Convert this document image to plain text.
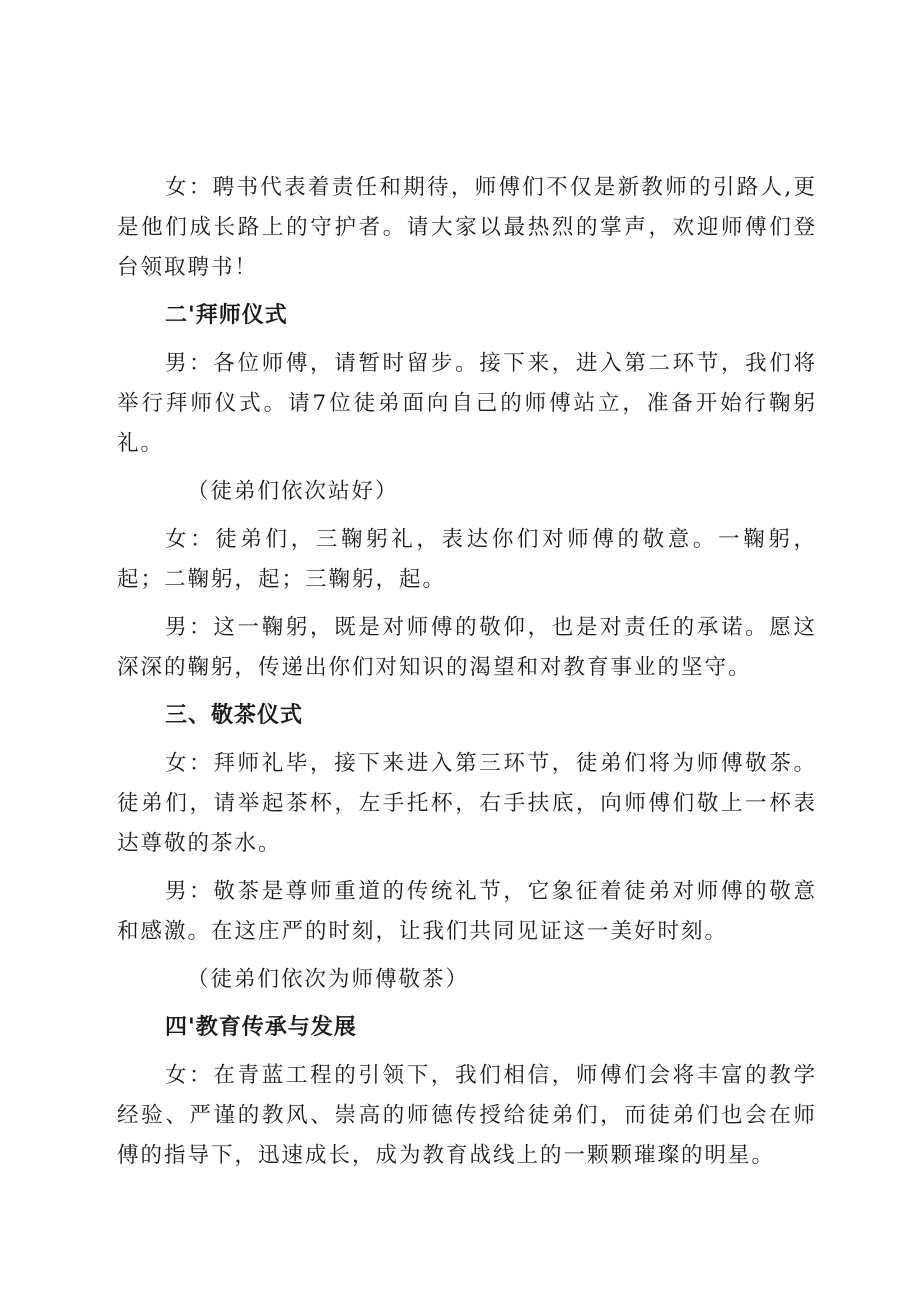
女：聘书代表着责任和期待，师傅们不仅是新教师的引路人,更是他们成长路上的守护者。请大家以最热烈的掌声，欢迎师傅们登台领取聘书！

二'拜师仪式

男：各位师傅，请暂时留步。接下来，进入第二环节，我们将举行拜师仪式。请7位徒弟面向自己的师傅站立，准备开始行鞠躬礼。

（徒弟们依次站好）

女：徒弟们，三鞠躬礼，表达你们对师傅的敬意。一鞠躬，起；二鞠躬，起；三鞠躬，起。

男：这一鞠躬，既是对师傅的敬仰，也是对责任的承诺。愿这深深的鞠躬，传递出你们对知识的渴望和对教育事业的坚守。

三、敬茶仪式

女：拜师礼毕，接下来进入第三环节，徒弟们将为师傅敬茶。徒弟们，请举起茶杯，左手托杯，右手扶底，向师傅们敬上一杯表达尊敬的茶水。

男：敬茶是尊师重道的传统礼节，它象征着徒弟对师傅的敬意和感激。在这庄严的时刻，让我们共同见证这一美好时刻。

（徒弟们依次为师傅敬茶）

四'教育传承与发展

女：在青蓝工程的引领下，我们相信，师傅们会将丰富的教学经验、严谨的教风、崇高的师德传授给徒弟们，而徒弟们也会在师傅的指导下，迅速成长，成为教育战线上的一颗颗璀璨的明星。
